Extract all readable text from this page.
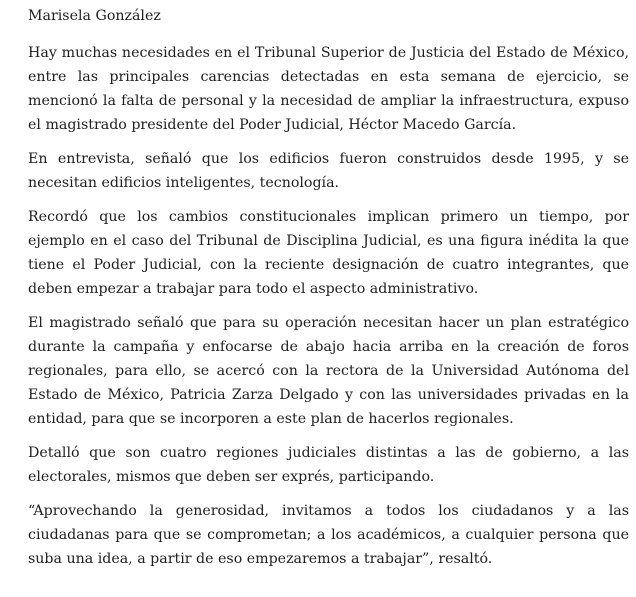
Marisela González

Hay muchas necesidades en el Tribunal Superior de Justicia del Estado de México, entre las principales carencias detectadas en esta semana de ejercicio, se mencionó la falta de personal y la necesidad de ampliar la infraestructura, expuso el magistrado presidente del Poder Judicial, Héctor Macedo García.

En entrevista, señaló que los edificios fueron construidos desde 1995, y se necesitan edificios inteligentes, tecnología.

Recordó que los cambios constitucionales implican primero un tiempo, por ejemplo en el caso del Tribunal de Disciplina Judicial, es una figura inédita la que tiene el Poder Judicial, con la reciente designación de cuatro integrantes, que deben empezar a trabajar para todo el aspecto administrativo.

El magistrado señaló que para su operación necesitan hacer un plan estratégico durante la campaña y enfocarse de abajo hacia arriba en la creación de foros regionales, para ello, se acercó con la rectora de la Universidad Autónoma del Estado de México, Patricia Zarza Delgado y con las universidades privadas en la entidad, para que se incorporen a este plan de hacerlos regionales.

Detalló que son cuatro regiones judiciales distintas a las de gobierno, a las electorales, mismos que deben ser exprés, participando.

“Aprovechando la generosidad, invitamos a todos los ciudadanos y a las ciudadanas para que se comprometan; a los académicos, a cualquier persona que suba una idea, a partir de eso empezaremos a trabajar”, resaltó.
